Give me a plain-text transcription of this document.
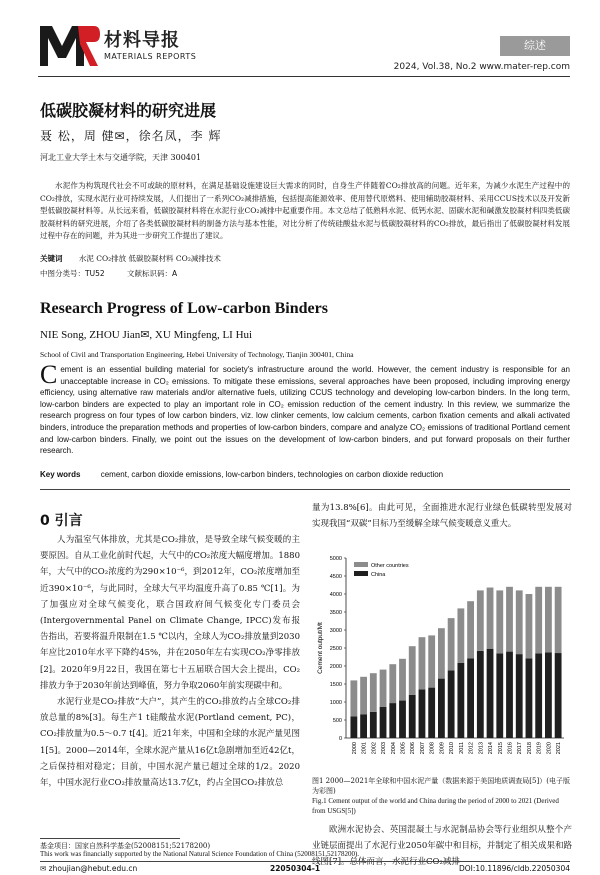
材料导报
MATERIALS REPORTS
综述
2024, Vol.38, No.2 www.mater-rep.com
低碳胶凝材料的研究进展
聂 松，周 健✉，徐名凤，李 辉
河北工业大学土木与交通学院，天津 300401
水泥作为构筑现代社会不可或缺的原材料，在满足基础设施建设巨大需求的同时，自身生产伴随着CO₂排放高的问题。近年来，为减少水泥生产过程中的CO₂排放，实现水泥行业可持续发展，人们提出了一系列CO₂减排措施，包括提高能源效率、使用替代原燃料、使用辅助胶凝材料、采用CCUS技术以及开发新型低碳胶凝材料等。从长远来看，低碳胶凝材料将在水泥行业CO₂减排中起重要作用。本文总结了低熟料水泥、低钙水泥、固碳水泥和碱激发胶凝材料四类低碳胶凝材料的研究进展，介绍了各类低碳胶凝材料的制备方法与基本性能，对比分析了传统硅酸盐水泥与低碳胶凝材料的CO₂排放，最后指出了低碳胶凝材料发展过程中存在的问题，并为其进一步研究工作提出了建议。
关键词 水泥 CO₂排放 低碳胶凝材料 CO₂减排技术
中图分类号：TU52	文献标识码：A
Research Progress of Low-carbon Binders
NIE Song, ZHOU Jian✉, XU Mingfeng, LI Hui
School of Civil and Transportation Engineering, Hebei University of Technology, Tianjin 300401, China
Cement is an essential building material for society's infrastructure around the world. However, the cement industry is responsible for an unacceptable increase in CO₂ emissions. To mitigate these emissions, several approaches have been proposed, including improving energy efficiency, using alternative raw materials and/or alternative fuels, utilizing CCUS technology and developing low-carbon binders. In the long term, low-carbon binders are expected to play an important role in CO₂ emission reduction of the cement industry. In this review, we summarize the research progress on four types of low carbon binders, viz. low clinker cements, low calcium cements, carbon fixation cements and alkali activated binders, introduce the preparation methods and properties of low-carbon binders, compare and analyze CO₂ emissions of traditional Portland cement and low-carbon binders. Finally, we point out the issues on the development of low-carbon binders, and put forward proposals on their further research.
Key words	cement, carbon dioxide emissions, low-carbon binders, technologies on carbon dioxide reduction
0 引言

人为温室气体排放，尤其是CO₂排放，是导致全球气候变暖的主要原因。自从工业化前时代起，大气中的CO₂浓度大幅度增加。1880年，大气中的CO₂浓度约为290×10⁻⁶，到2012年，CO₂浓度增加至近390×10⁻⁶，与此同时，全球大气平均温度升高了0.85 ℃[1]。为了加强应对全球气候变化，联合国政府间气候变化专门委员会(Intergovernmental Panel on Climate Change, IPCC)发布报告指出，若要将温升限制在1.5 ℃以内，全球人为CO₂排放量到2030年应比2010年水平下降约45%，并在2050年左右实现CO₂净零排放[2]。2020年9月22日，我国在第七十五届联合国大会上提出，CO₂排放力争于2030年前达到峰值，努力争取2060年前实现碳中和。

水泥行业是CO₂排放“大户”，其产生的CO₂排放约占全球CO₂排放总量的8%[3]。每生产1 t硅酸盐水泥(Portland cement, PC)，CO₂排放量为0.5～0.7 t[4]。近21年来，中国和全球的水泥产量见图1[5]。2000—2014年，全球水泥产量从16亿t急剧增加至近42亿t，之后保持相对稳定；目前，中国水泥产量已超过全球的1/2。2020年，中国水泥行业CO₂排放量高达13.7亿t，约占全国CO₂排放总

量为13.8%[6]。由此可见，全面推进水泥行业绿色低碳转型发展对实现我国“双碳”目标乃至缓解全球气候变暖意义重大。
0
500
1000
1500
2000
2500
3000
3500
4000
4500
5000
Cement output/Mt
2000 2001 2002 2003 2004 2005 2006 2007 2008 2009 2010 2011 2012 2013 2014 2015 2016 2017 2018 2019 2020 2021
Other countries
China
图1 2000—2021年全球和中国水泥产量（数据来源于美国地质调查局[5]）(电子版为彩图)
Fig.1 Cement output of the world and China during the period of 2000 to 2021 (Derived from USGS[5])

欧洲水泥协会、英国混凝土与水泥制品协会等行业组织从整个产业链层面提出了水泥行业2050年碳中和目标，并制定了相关成果和路线图[7]。总体而言，水泥行业CO₂减排

基金项目：国家自然科学基金(52008151;52178200)
This work was financially supported by the National Natural Science Foundation of China (52008151,52178200).
✉ zhoujian@hebut.edu.cn	22050304-1	DOI:10.11896/cldb.22050304
